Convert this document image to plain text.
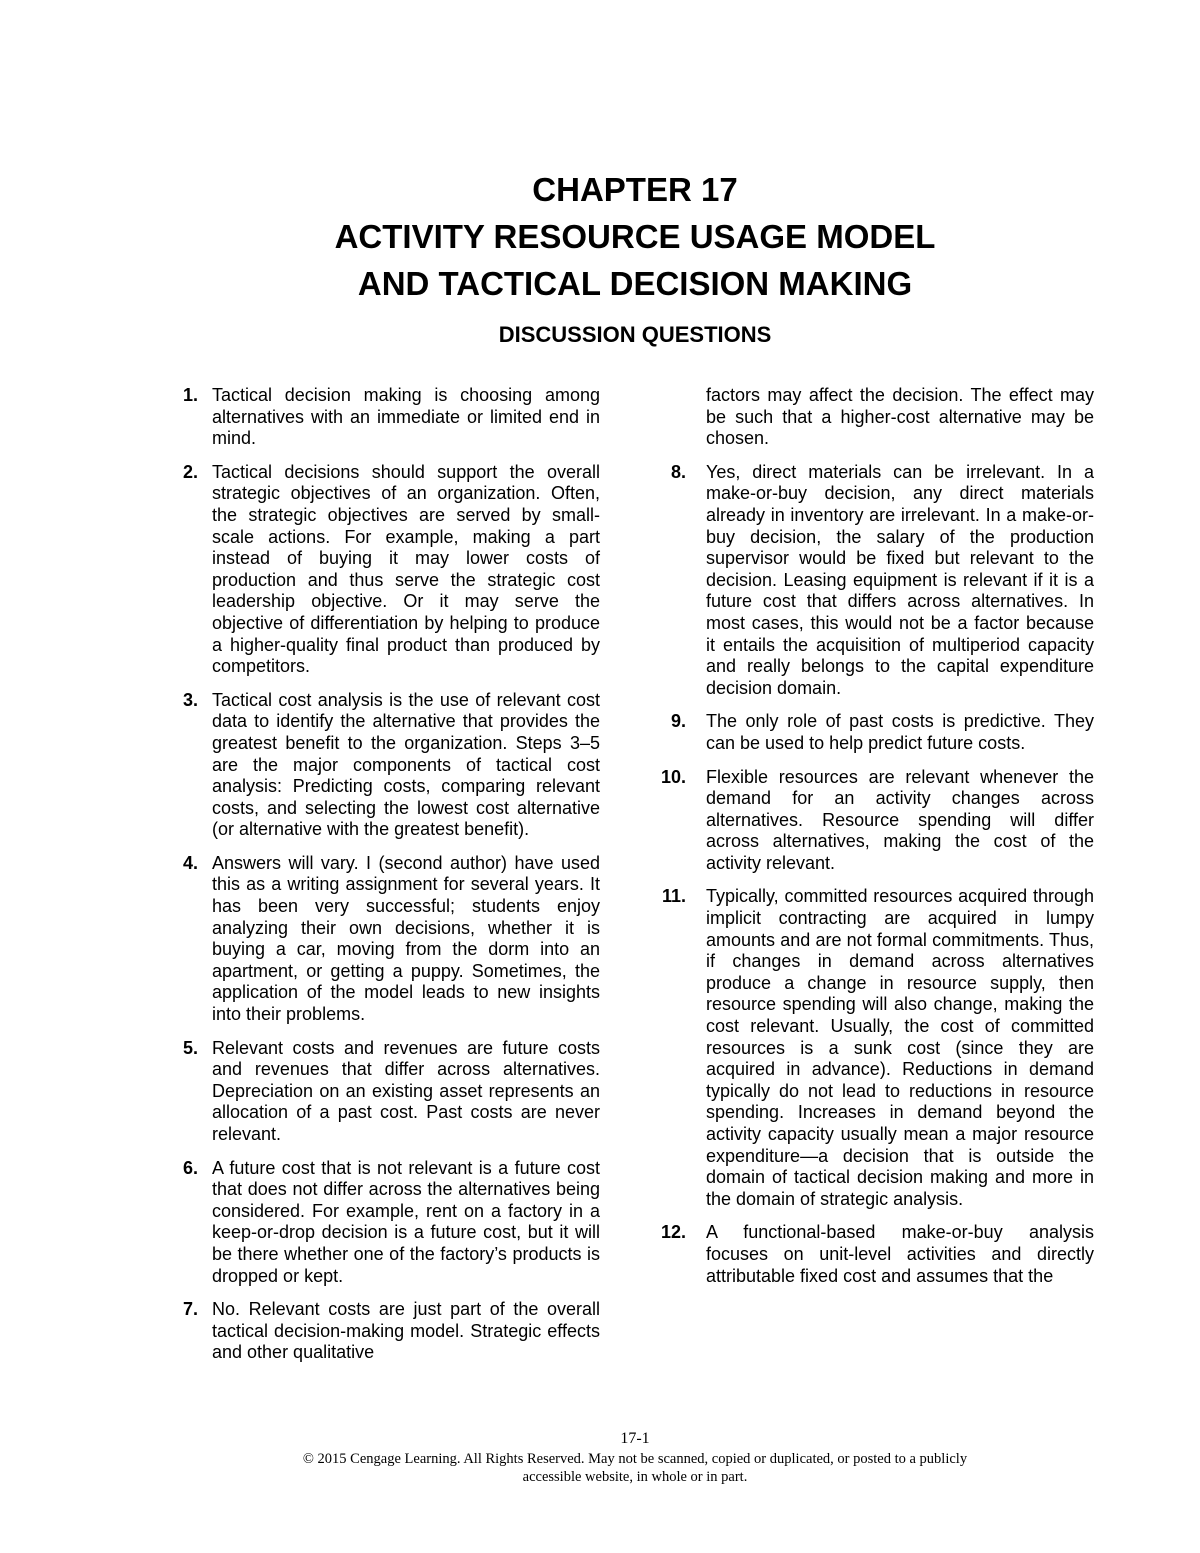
CHAPTER 17
ACTIVITY RESOURCE USAGE MODEL
AND TACTICAL DECISION MAKING
DISCUSSION QUESTIONS
1. Tactical decision making is choosing among alternatives with an immediate or limited end in mind.
2. Tactical decisions should support the overall strategic objectives of an organization. Often, the strategic objectives are served by small-scale actions. For example, making a part instead of buying it may lower costs of production and thus serve the strategic cost leadership objective. Or it may serve the objective of differentiation by helping to produce a higher-quality final product than produced by competitors.
3. Tactical cost analysis is the use of relevant cost data to identify the alternative that provides the greatest benefit to the organization. Steps 3–5 are the major components of tactical cost analysis: Predicting costs, comparing relevant costs, and selecting the lowest cost alternative (or alternative with the greatest benefit).
4. Answers will vary. I (second author) have used this as a writing assignment for several years. It has been very successful; students enjoy analyzing their own decisions, whether it is buying a car, moving from the dorm into an apartment, or getting a puppy. Sometimes, the application of the model leads to new insights into their problems.
5. Relevant costs and revenues are future costs and revenues that differ across alternatives. Depreciation on an existing asset represents an allocation of a past cost. Past costs are never relevant.
6. A future cost that is not relevant is a future cost that does not differ across the alternatives being considered. For example, rent on a factory in a keep-or-drop decision is a future cost, but it will be there whether one of the factory’s products is dropped or kept.
7. No. Relevant costs are just part of the overall tactical decision-making model. Strategic effects and other qualitative
factors may affect the decision. The effect may be such that a higher-cost alternative may be chosen.
8. Yes, direct materials can be irrelevant. In a make-or-buy decision, any direct materials already in inventory are irrelevant. In a make-or-buy decision, the salary of the production supervisor would be fixed but relevant to the decision. Leasing equipment is relevant if it is a future cost that differs across alternatives. In most cases, this would not be a factor because it entails the acquisition of multiperiod capacity and really belongs to the capital expenditure decision domain.
9. The only role of past costs is predictive. They can be used to help predict future costs.
10. Flexible resources are relevant whenever the demand for an activity changes across alternatives. Resource spending will differ across alternatives, making the cost of the activity relevant.
11. Typically, committed resources acquired through implicit contracting are acquired in lumpy amounts and are not formal commitments. Thus, if changes in demand across alternatives produce a change in resource supply, then resource spending will also change, making the cost relevant. Usually, the cost of committed resources is a sunk cost (since they are acquired in advance). Reductions in demand typically do not lead to reductions in resource spending. Increases in demand beyond the activity capacity usually mean a major resource expenditure—a decision that is outside the domain of tactical decision making and more in the domain of strategic analysis.
12. A functional-based make-or-buy analysis focuses on unit-level activities and directly attributable fixed cost and assumes that the
17-1
© 2015 Cengage Learning. All Rights Reserved. May not be scanned, copied or duplicated, or posted to a publicly
accessible website, in whole or in part.
